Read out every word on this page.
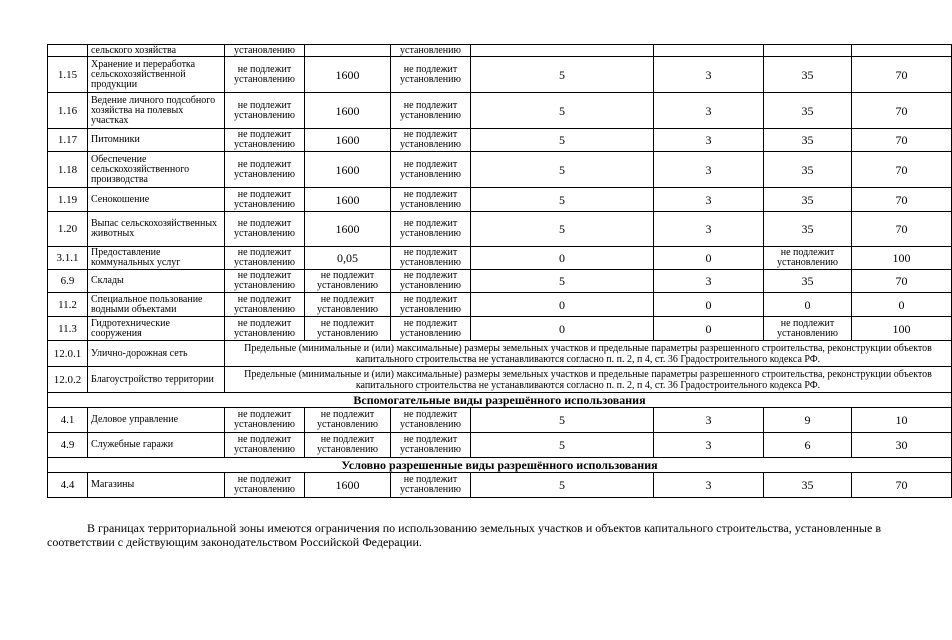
	сельского хозяйства	установлению		установлению				
1.15	Хранение и переработка сельскохозяйственной продукции	не подлежит установлению	1600	не подлежит установлению	5	3	35	70
1.16	Ведение личного подсобного хозяйства на полевых участках	не подлежит установлению	1600	не подлежит установлению	5	3	35	70
1.17	Питомники	не подлежит установлению	1600	не подлежит установлению	5	3	35	70
1.18	Обеспечение сельскохозяйственного производства	не подлежит установлению	1600	не подлежит установлению	5	3	35	70
1.19	Сенокошение	не подлежит установлению	1600	не подлежит установлению	5	3	35	70
1.20	Выпас сельскохозяйственных животных	не подлежит установлению	1600	не подлежит установлению	5	3	35	70
3.1.1	Предоставление коммунальных услуг	не подлежит установлению	0,05	не подлежит установлению	0	0	не подлежит установлению	100
6.9	Склады	не подлежит установлению	не подлежит установлению	не подлежит установлению	5	3	35	70
11.2	Специальное пользование водными объектами	не подлежит установлению	не подлежит установлению	не подлежит установлению	0	0	0	0
11.3	Гидротехнические сооружения	не подлежит установлению	не подлежит установлению	не подлежит установлению	0	0	не подлежит установлению	100
12.0.1	Улично-дорожная сеть	Предельные (минимальные и (или) максимальные) размеры земельных участков и предельные параметры разрешенного строительства, реконструкции объектов капитального строительства не устанавливаются согласно п. п. 2, п 4, ст. 36 Градостроительного кодекса РФ.						
12.0.2	Благоустройство территории	Предельные (минимальные и (или) максимальные) размеры земельных участков и предельные параметры разрешенного строительства, реконструкции объектов капитального строительства не устанавливаются согласно п. п. 2, п 4, ст. 36 Градостроительного кодекса РФ.						
Вспомогательные виды разрешённого использования								
4.1	Деловое управление	не подлежит установлению	не подлежит установлению	не подлежит установлению	5	3	9	10
4.9	Служебные гаражи	не подлежит установлению	не подлежит установлению	не подлежит установлению	5	3	6	30
Условно разрешенные виды разрешённого использования								
4.4	Магазины	не подлежит установлению	1600	не подлежит установлению	5	3	35	70
В границах территориальной зоны имеются ограничения по использованию земельных участков и объектов капитального строительства, установленные в соответствии с действующим законодательством Российской Федерации.
